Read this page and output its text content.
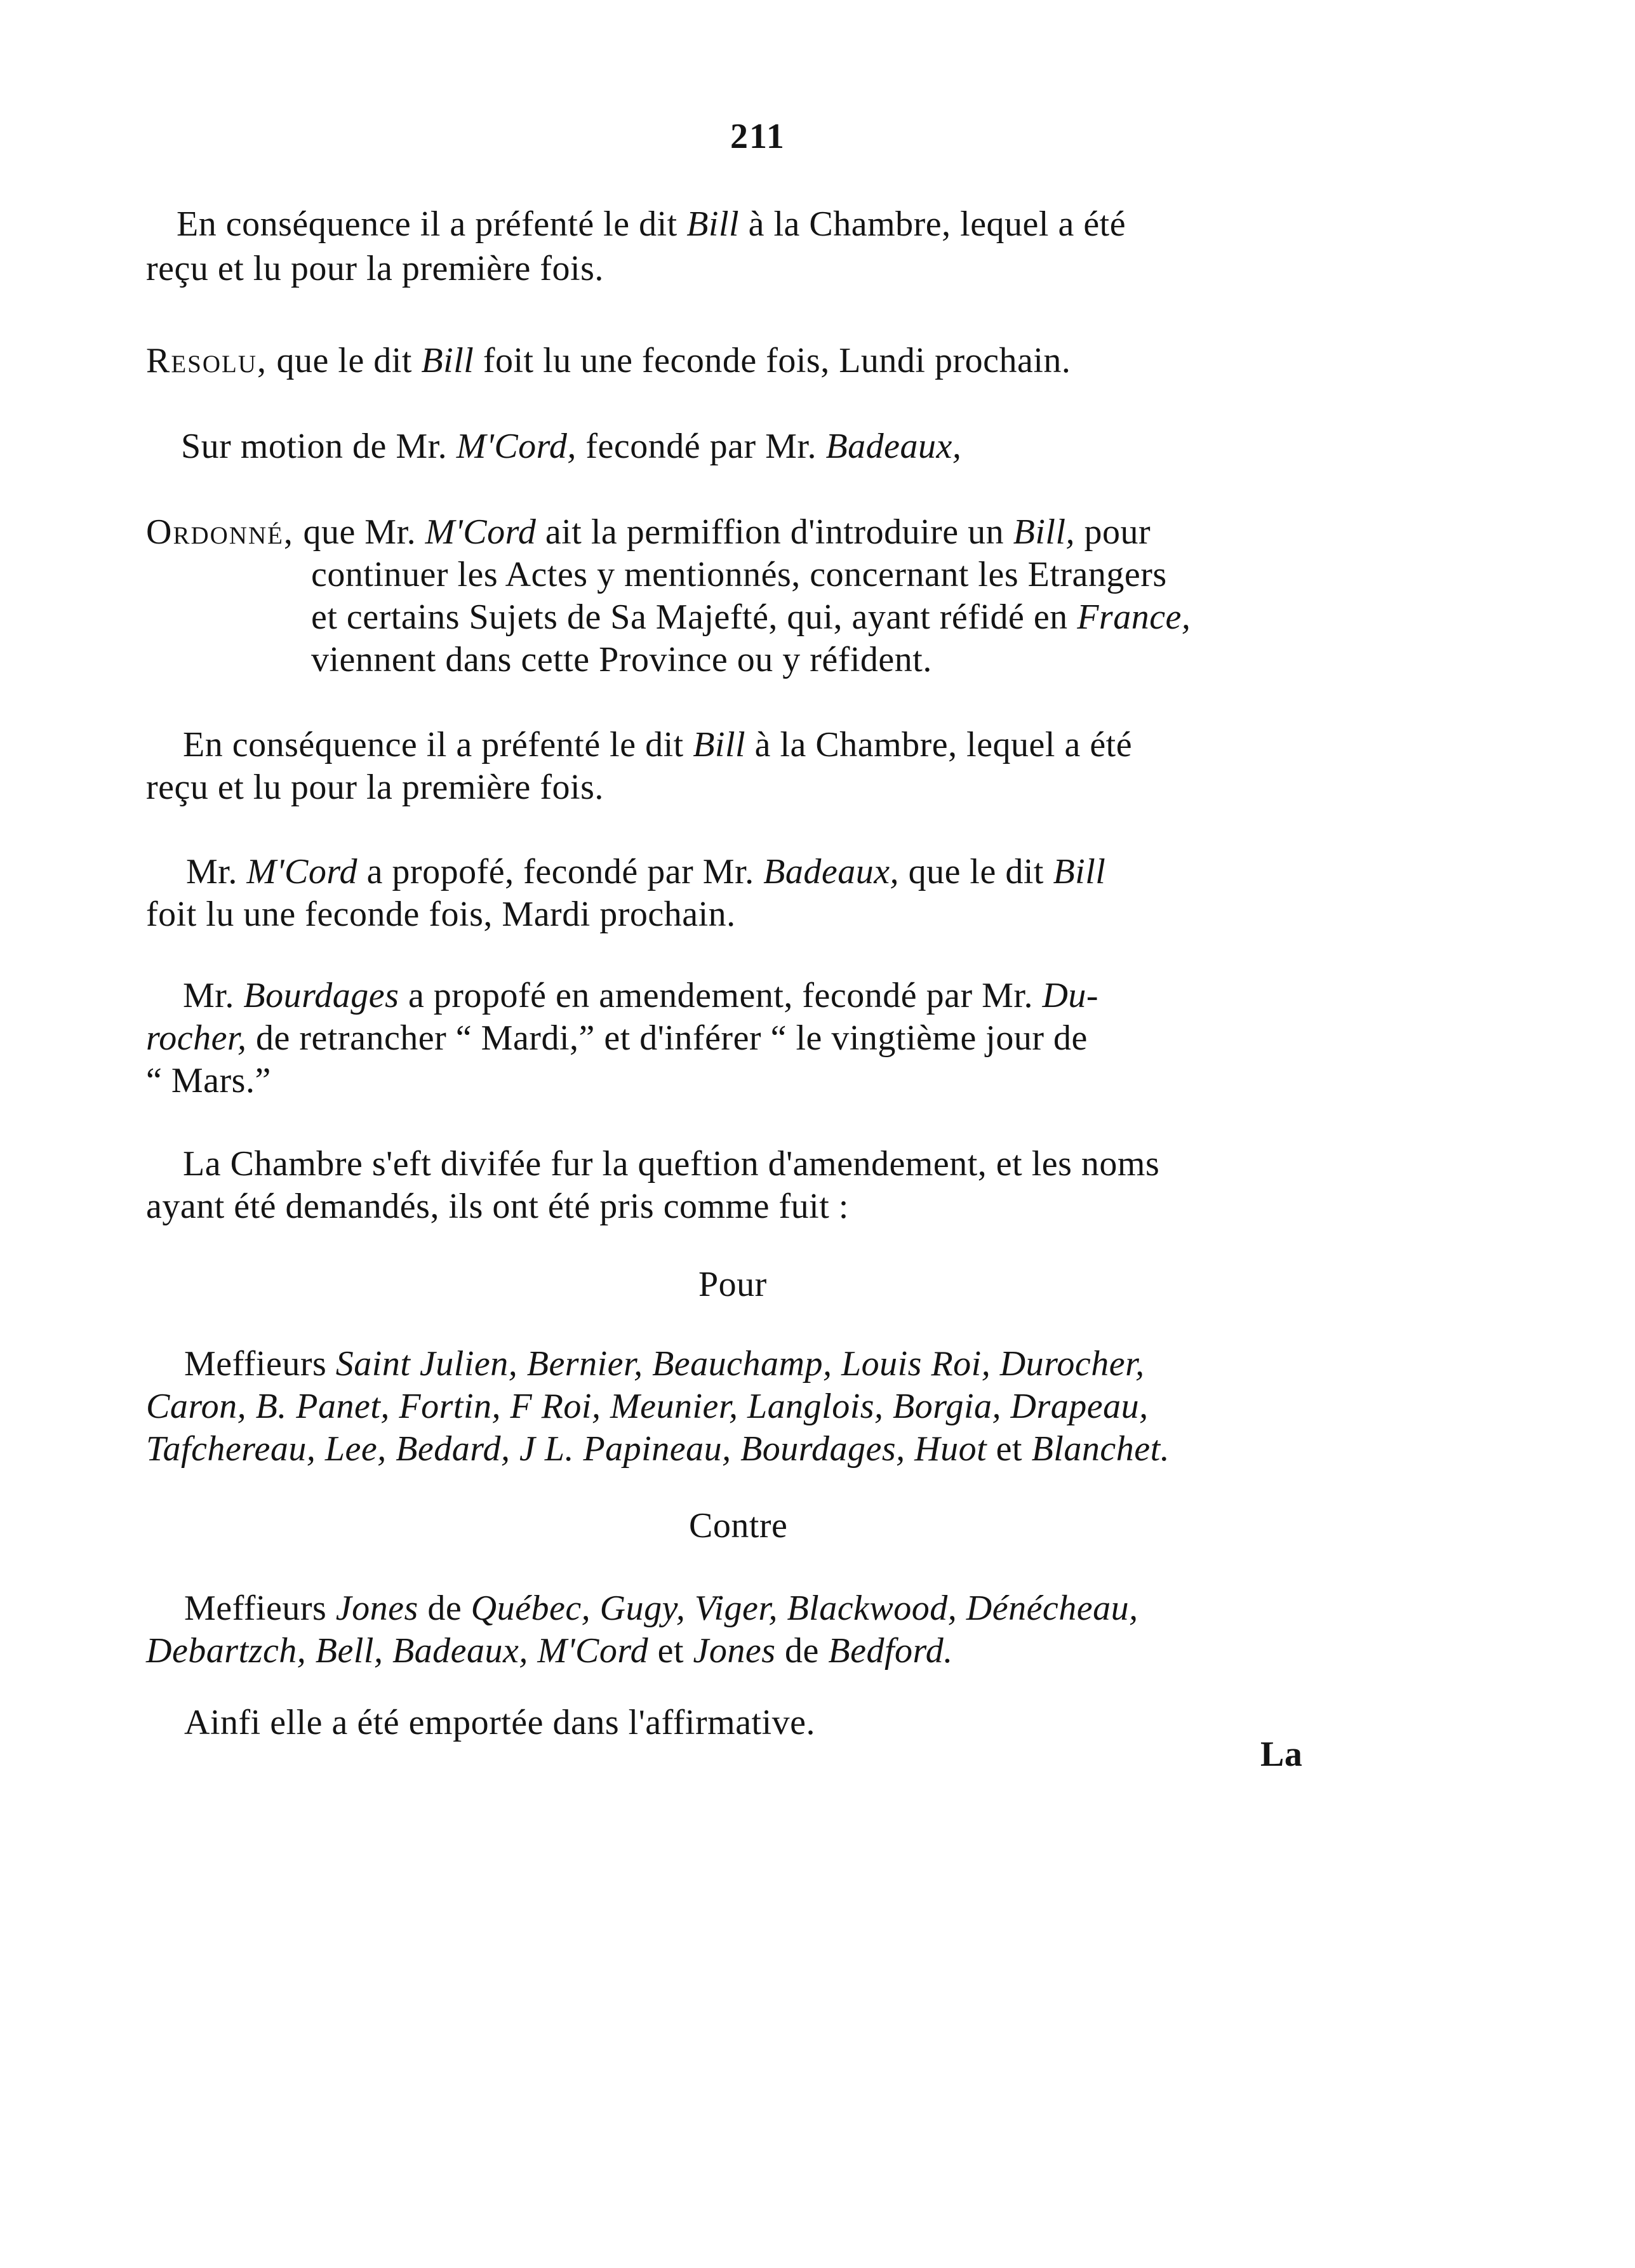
211
En conséquence il a préfenté le dit Bill à la Chambre, lequel a été
reçu et lu pour la première fois.
Resolu, que le dit Bill foit lu une feconde fois, Lundi prochain.
Sur motion de Mr. M'Cord, fecondé par Mr. Badeaux,
Ordonné, que Mr. M'Cord ait la permiffion d'introduire un Bill, pour
continuer les Actes y mentionnés, concernant les Etrangers
et certains Sujets de Sa Majefté, qui, ayant réfidé en France,
viennent dans cette Province ou y réfident.
En conséquence il a préfenté le dit Bill à la Chambre, lequel a été
reçu et lu pour la première fois.
Mr. M'Cord a propofé, fecondé par Mr. Badeaux, que le dit Bill
foit lu une feconde fois, Mardi prochain.
Mr. Bourdages a propofé en amendement, fecondé par Mr. Du-
rocher, de retrancher “ Mardi,” et d'inférer “ le vingtième jour de
“ Mars.”
La Chambre s'eft divifée fur la queftion d'amendement, et les noms
ayant été demandés, ils ont été pris comme fuit :
Pour
Meffieurs Saint Julien, Bernier, Beauchamp, Louis Roi, Durocher,
Caron, B. Panet, Fortin, F Roi, Meunier, Langlois, Borgia, Drapeau,
Tafchereau, Lee, Bedard, J L. Papineau, Bourdages, Huot et Blanchet.
Contre
Meffieurs Jones de Québec, Gugy, Viger, Blackwood, Dénécheau,
Debartzch, Bell, Badeaux, M'Cord et Jones de Bedford.
Ainfi elle a été emportée dans l'affirmative.
La
